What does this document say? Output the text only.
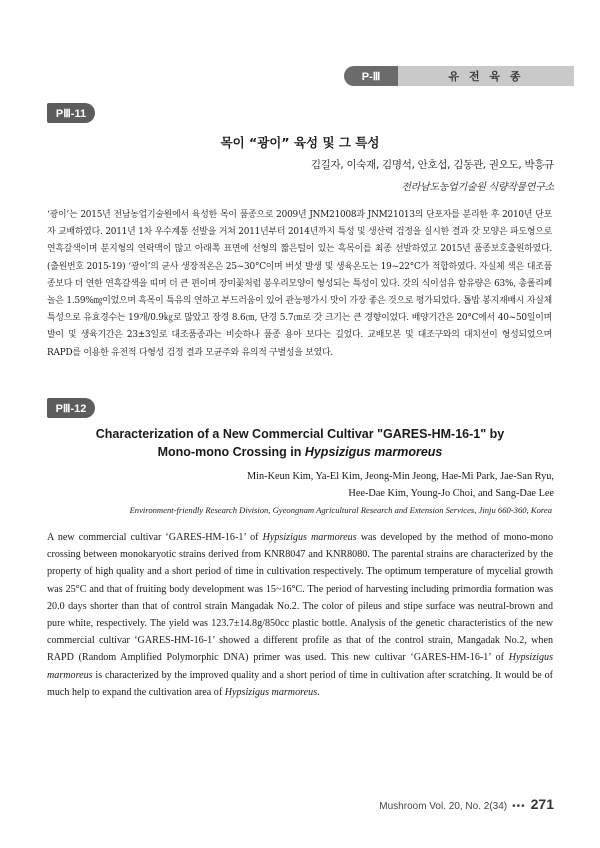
P-Ⅲ	유 전 육 종
PⅢ-11
목이 “광이” 육성 및 그 특성
김길자, 이숙재, 김명석, 안호섭, 김동관, 권오도, 박흥규
전라남도농업기술원 식량작물연구소

‘광이’는 2015년 전남농업기술원에서 육성한 목이 품종으로 2009년 JNM21008과 JNM21013의 단포자를 분리한 후 2010년 단포자 교배하였다. 2011년 1차 우수계통 선발을 거쳐 2011년부터 2014년까지 특성 및 생산력 검정을 실시한 결과 갓 모양은 파도형으로 연흑갈색이며 분지형의 연락맥이 많고 아래쪽 표면에 선형의 짧은털이 있는 흑목이를 최종 선발하였고 2015년 품종보호출원하였다.(출원번호 2015-19) ‘광이’의 균사 생장적온은 25~30°C이며 버섯 발생 및 생육온도는 19~22°C가 적합하였다. 자실체 색은 대조품종보다 더 연한 연흑갈색을 띠며 더 큰 편이며 장미꽃처럼 봉우리모양이 형성되는 특성이 있다. 갓의 식이섬유 함유량은 63%, 총폴리페놀은 1.59%㎎이었으며 흑목이 특유의 연하고 부드러움이 있어 관능평가시 맛이 가장 좋은 것으로 평가되었다. 톱밥 봉지재배시 자실체 특성으로 유효경수는 19개/0.9㎏로 많았고 장경 8.6㎝, 단경 5.7㎝로 갓 크기는 큰 경향이었다. 배양기간은 20°C에서 40~50일이며 발이 및 생육기간은 23±3일로 대조품종과는 비슷하나 품종 용아 보다는 길었다. 교배모본 및 대조구와의 대치선이 형성되었으며 RAPD를 이용한 유전적 다형성 검정 결과 모균주와 유의적 구별성을 보였다.

PⅢ-12
Characterization of a New Commercial Cultivar "GARES-HM-16-1" by
Mono-mono Crossing in Hypsizigus marmoreus
Min-Keun Kim, Ya-El Kim, Jeong-Min Jeong, Hae-Mi Park, Jae-San Ryu,
Hee-Dae Kim, Young-Jo Choi, and Sang-Dae Lee
Environment-friendly Research Division, Gyeongnam Agricultural Research and Extension Services, Jinju 660-360, Korea

A new commercial cultivar ‘GARES-HM-16-1’ of Hypsizigus marmoreus was developed by the method of mono-mono crossing between monokaryotic strains derived from KNR8047 and KNR8080. The parental strains are characterized by the property of high quality and a short period of time in cultivation respectively. The optimum temperature of mycelial growth was 25°C and that of fruiting body development was 15~16°C. The period of harvesting including primordia formation was 20.0 days shorter than that of control strain Mangadak No.2. The color of pileus and stipe surface was neutral-brown and pure white, respectively. The yield was 123.7±14.8g/850cc plastic bottle. Analysis of the genetic characteristics of the new commercial cultivar ‘GARES-HM-16-1’ showed a different profile as that of the control strain, Mangadak No.2, when RAPD (Random Amplified Polymorphic DNA) primer was used. This new cultivar ‘GARES-HM-16-1’ of Hypsizigus marmoreus is characterized by the improved quality and a short period of time in cultivation after scratching. It would be of much help to expand the cultivation area of Hypsizigus marmoreus.

Mushroom Vol. 20, No. 2(34) ••• 271
